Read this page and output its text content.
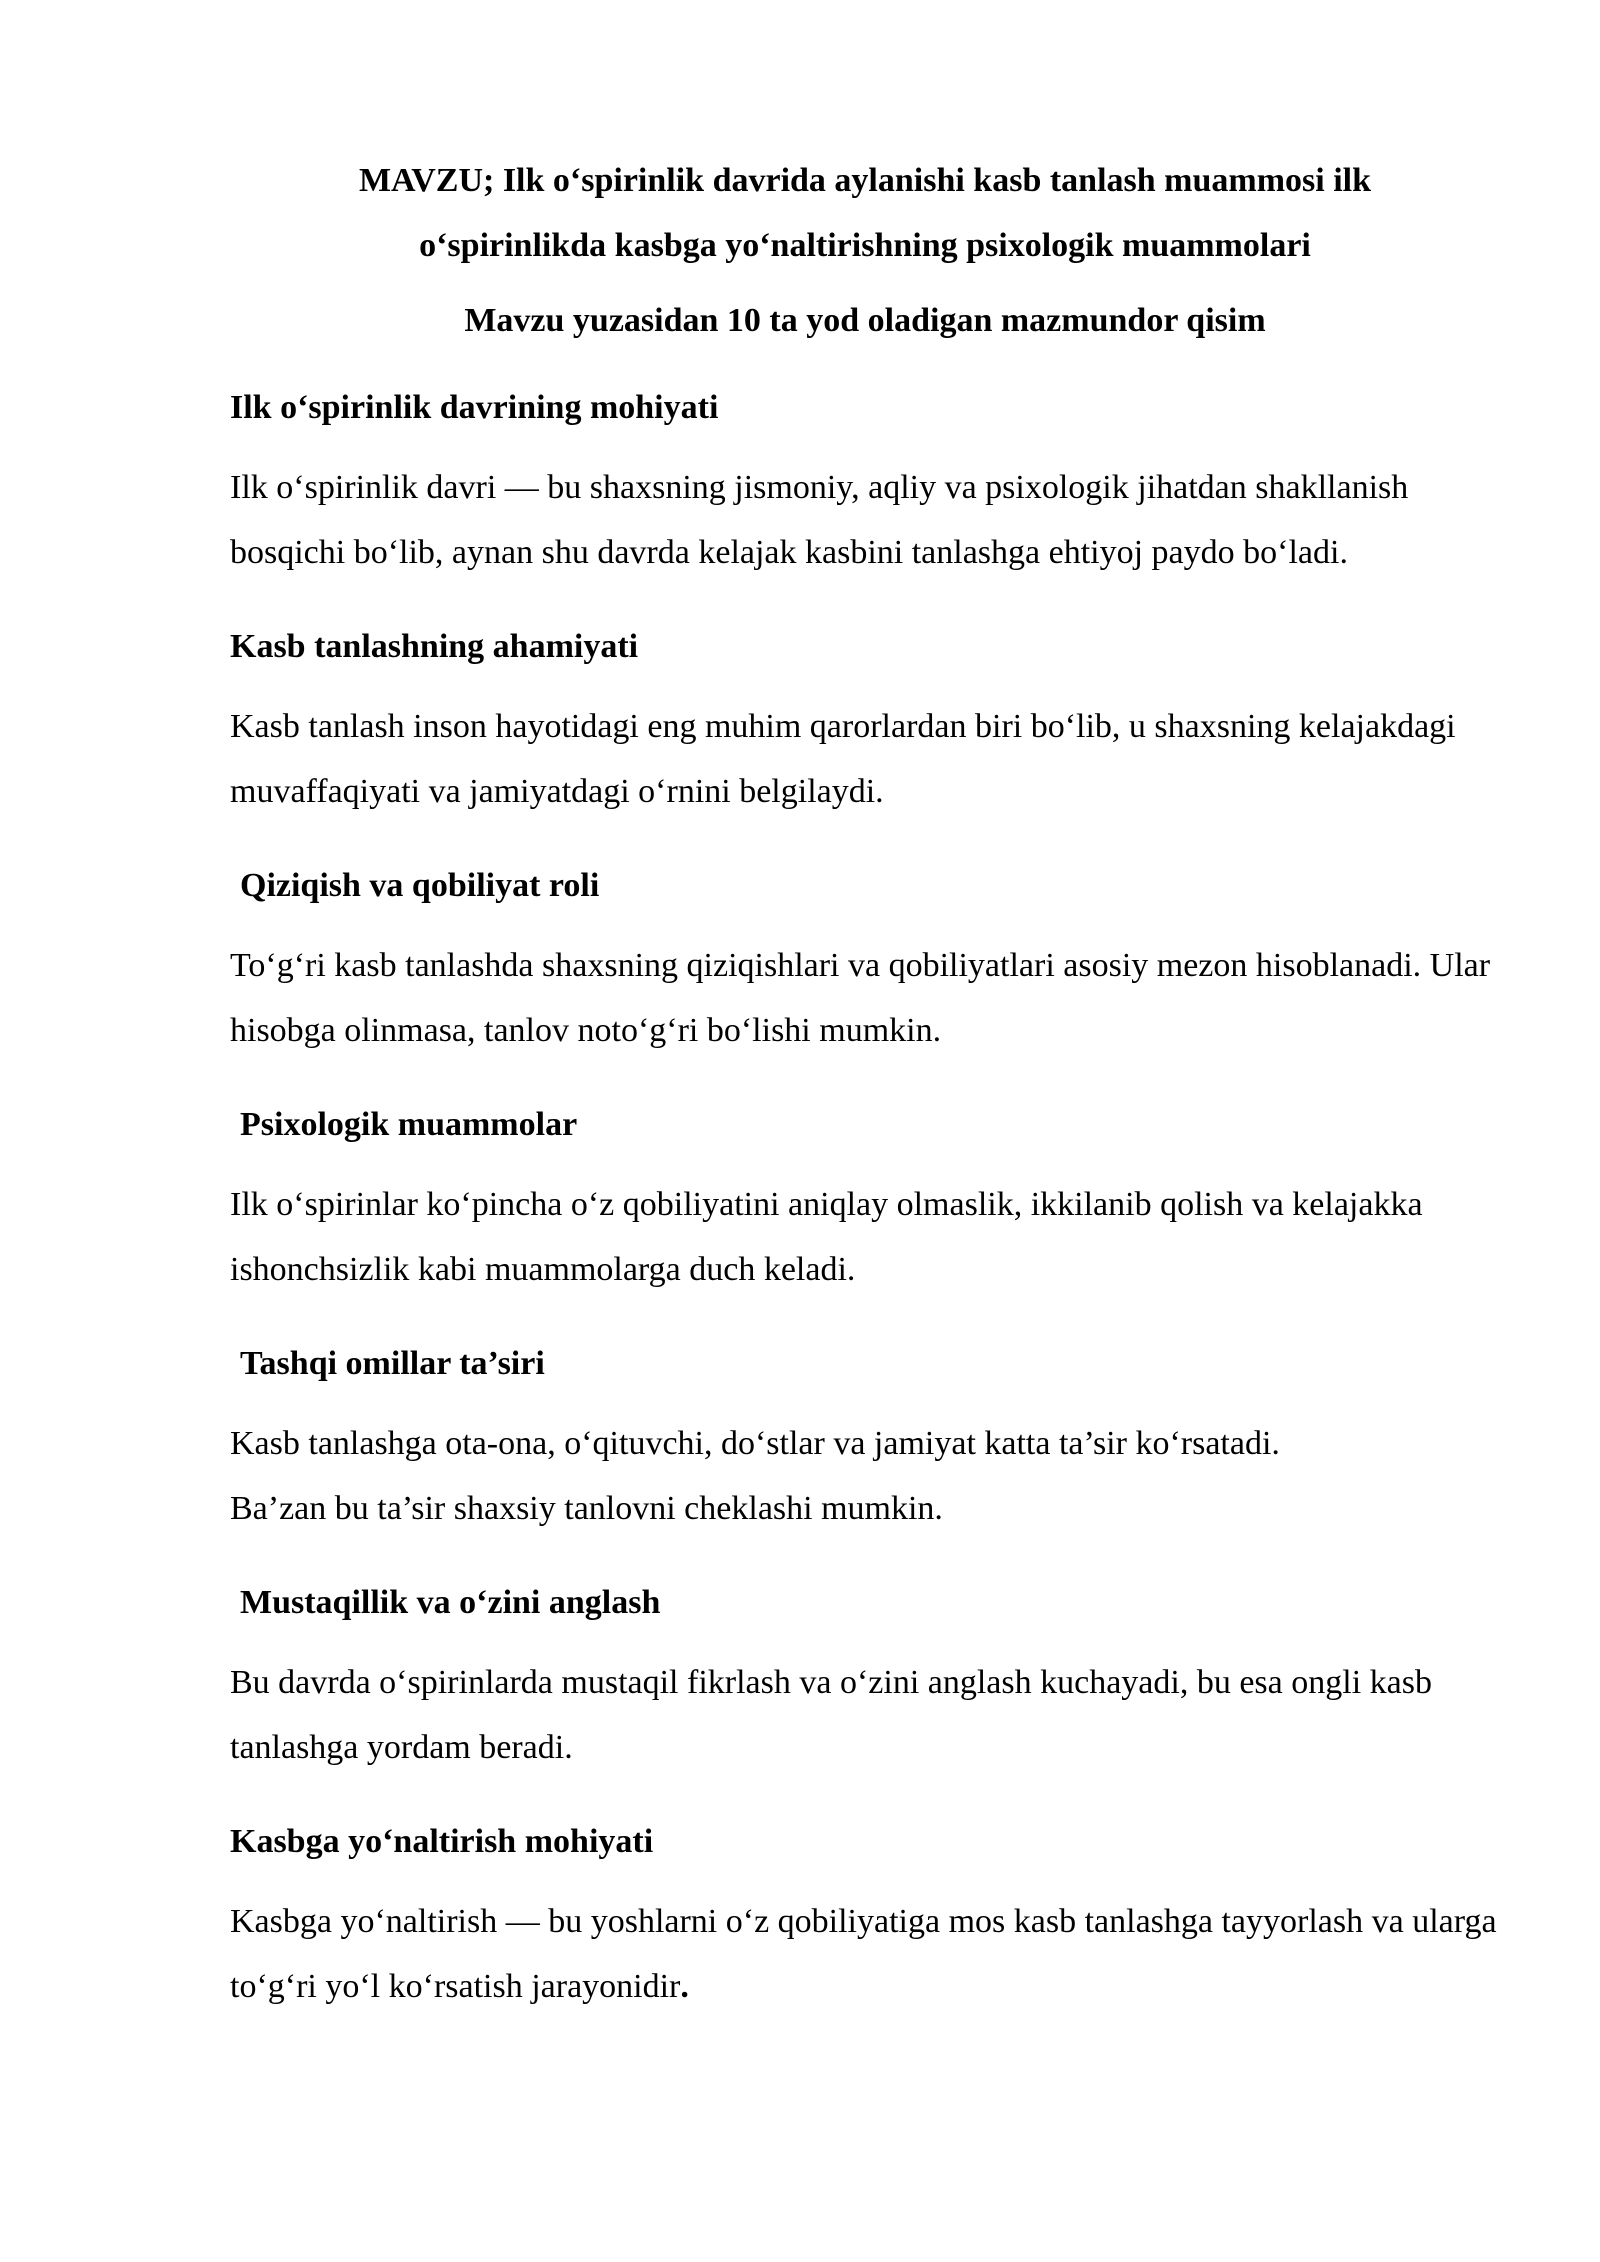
MAVZU; Ilk o‘spirinlik davrida aylanishi kasb tanlash muammosi ilk
o‘spirinlikda kasbga yo‘naltirishning psixologik muammolari

Mavzu yuzasidan 10 ta yod oladigan mazmundor qisim

Ilk o‘spirinlik davrining mohiyati

Ilk o‘spirinlik davri — bu shaxsning jismoniy, aqliy va psixologik jihatdan shakllanish bosqichi bo‘lib, aynan shu davrda kelajak kasbini tanlashga ehtiyoj paydo bo‘ladi.

Kasb tanlashning ahamiyati

Kasb tanlash inson hayotidagi eng muhim qarorlardan biri bo‘lib, u shaxsning kelajakdagi muvaffaqiyati va jamiyatdagi o‘rnini belgilaydi.

Qiziqish va qobiliyat roli

To‘g‘ri kasb tanlashda shaxsning qiziqishlari va qobiliyatlari asosiy mezon hisoblanadi. Ular hisobga olinmasa, tanlov noto‘g‘ri bo‘lishi mumkin.

Psixologik muammolar

Ilk o‘spirinlar ko‘pincha o‘z qobiliyatini aniqlay olmaslik, ikkilanib qolish va kelajakka ishonchsizlik kabi muammolarga duch keladi.

Tashqi omillar ta’siri

Kasb tanlashga ota-ona, o‘qituvchi, do‘stlar va jamiyat katta ta’sir ko‘rsatadi.
Ba’zan bu ta’sir shaxsiy tanlovni cheklashi mumkin.

Mustaqillik va o‘zini anglash

Bu davrda o‘spirinlarda mustaqil fikrlash va o‘zini anglash kuchayadi, bu esa ongli kasb tanlashga yordam beradi.

Kasbga yo‘naltirish mohiyati

Kasbga yo‘naltirish — bu yoshlarni o‘z qobiliyatiga mos kasb tanlashga tayyorlash va ularga to‘g‘ri yo‘l ko‘rsatish jarayonidir.
